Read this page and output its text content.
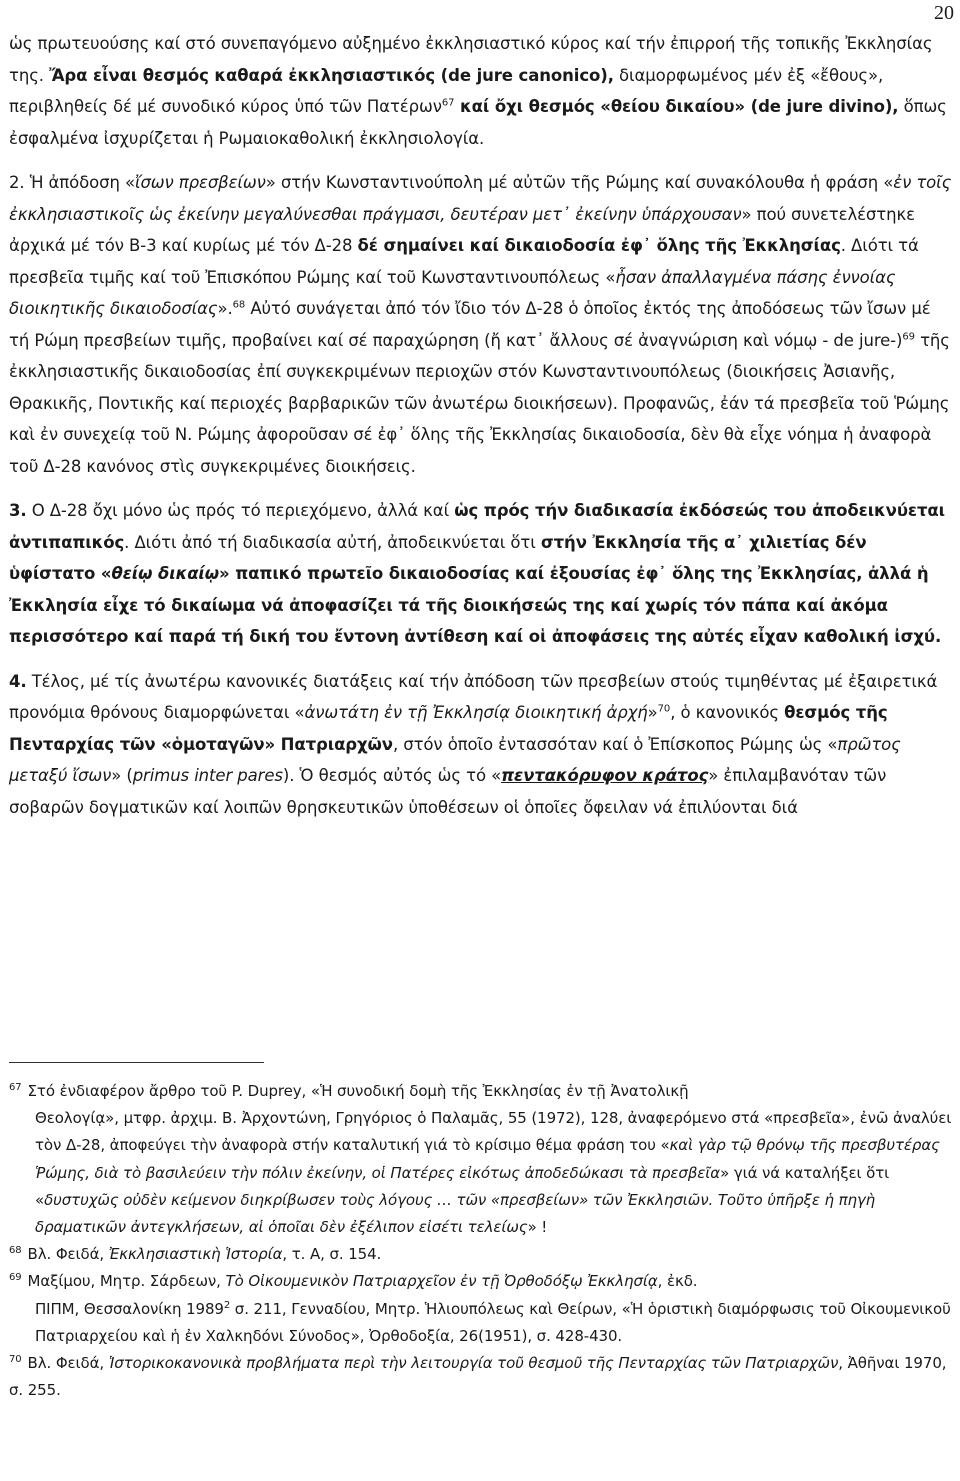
20

ὡς πρωτευούσης καί στό συνεπαγόμενο αὐξημένο ἐκκλησιαστικό κύρος καί τήν ἐπιρροή τῆς τοπικῆς Ἐκκλησίας της. Ἄρα εἶναι θεσμός καθαρά ἐκκλησιαστικός (de jure canonico), διαμορφωμένος μέν ἐξ «ἔθους», περιβληθείς δέ μέ συνοδικό κύρος ὑπό τῶν Πατέρων$^{67}$ καί ὄχι θεσμός «θείου δικαίου» (de jure divino), ὅπως ἐσφαλμένα ἰσχυρίζεται ἡ Ρωμαιοκαθολική ἐκκλησιολογία.

2. Ἡ ἀπόδοση «ἴσων πρεσβείων» στήν Κωνσταντινούπολη μέ αὐτῶν τῆς Ρώμης καί συνακόλουθα ἡ φράση «ἐν τοῖς ἐκκλησιαστικοῖς ὡς ἐκείνην μεγαλύνεσθαι πράγμασι, δευτέραν μετ᾽ ἐκείνην ὑπάρχουσαν» πού συνετελέστηκε ἀρχικά μέ τόν Β-3 καί κυρίως μέ τόν Δ-28 δέ σημαίνει καί δικαιοδοσία ἐφ᾽ ὅλης τῆς Ἐκκλησίας. Διότι τά πρεσβεῖα τιμῆς καί τοῦ Ἐπισκόπου Ρώμης καί τοῦ Κωνσταντινουπόλεως «ἦσαν ἀπαλλαγμένα πάσης ἐννοίας διοικητικῆς δικαιοδοσίας».$^{68}$ Αὐτό συνάγεται ἀπό τόν ἴδιο τόν Δ-28 ὁ ὁποῖος ἐκτός της ἀποδόσεως τῶν ἴσων μέ τή Ρώμη πρεσβείων τιμῆς, προβαίνει καί σέ παραχώρηση (ἤ κατ᾽ ἄλλους σέ ἀναγνώριση καὶ νόμῳ - de jure-)$^{69}$ τῆς ἐκκλησιαστικῆς δικαιοδοσίας ἐπί συγκεκριμένων περιοχῶν στόν Κωνσταντινουπόλεως (διοικήσεις Ἀσιανῆς, Θρακικῆς, Ποντικῆς καί περιοχές βαρβαρικῶν τῶν ἀνωτέρω διοικήσεων). Προφανῶς, ἐάν τά πρεσβεῖα τοῦ Ῥώμης καὶ ἐν συνεχείᾳ τοῦ Ν. Ρώμης ἀφοροῦσαν σέ ἐφ᾽ ὅλης τῆς Ἐκκλησίας δικαιοδοσία, δὲν θὰ εἶχε νόημα ἡ ἀναφορὰ τοῦ Δ-28 κανόνος στὶς συγκεκριμένες διοικήσεις.

3. Ο Δ-28 ὄχι μόνο ὡς πρός τό περιεχόμενο, ἀλλά καί ὡς πρός τήν διαδικασία ἐκδόσεώς του ἀποδεικνύεται ἀντιπαπικός. Διότι ἀπό τή διαδικασία αὐτή, ἀποδεικνύεται ὅτι στήν Ἐκκλησία τῆς α᾽ χιλιετίας δέν ὑφίστατο «θείῳ δικαίῳ» παπικό πρωτεῖο δικαιοδοσίας καί ἐξουσίας ἐφ᾽ ὅλης της Ἐκκλησίας, ἀλλά ἡ Ἐκκλησία εἶχε τό δικαίωμα νά ἀποφασίζει τά τῆς διοικήσεώς της καί χωρίς τόν πάπα καί ἀκόμα περισσότερο καί παρά τή δική του ἔντονη ἀντίθεση καί οἱ ἀποφάσεις της αὐτές εἶχαν καθολική ἰσχύ.

4. Τέλος, μέ τίς ἀνωτέρω κανονικές διατάξεις καί τήν ἀπόδοση τῶν πρεσβείων στούς τιμηθέντας μέ ἐξαιρετικά προνόμια θρόνους διαμορφώνεται «ἀνωτάτη ἐν τῇ Ἐκκλησίᾳ διοικητική ἀρχή»$^{70}$, ὁ κανονικός θεσμός τῆς Πενταρχίας τῶν «ὁμοταγῶν» Πατριαρχῶν, στόν ὁποῖο ἐντασσόταν καί ὁ Ἐπίσκοπος Ρώμης ὡς «πρῶτος μεταξύ ἴσων» (primus inter pares). Ὁ θεσμός αὐτός ὡς τό «πεντακόρυφον κράτος» ἐπιλαμβανόταν τῶν σοβαρῶν δογματικῶν καί λοιπῶν θρησκευτικῶν ὑποθέσεων οἱ ὁποῖες ὄφειλαν νά ἐπιλύονται διά

$^{67}$ Στό ἐνδιαφέρον ἄρθρο τοῦ P. Duprey, «Ἡ συνοδική δομὴ τῆς Ἐκκλησίας ἐν τῇ Ἀνατολικῇ

Θεολογίᾳ», μτφρ. ἀρχιμ. Β. Ἀρχοντώνη, Γρηγόριος ὁ Παλαμᾶς, 55 (1972), 128, ἀναφερόμενο στά «πρεσβεῖα», ἐνῶ ἀναλύει τὸν Δ-28, ἀποφεύγει τὴν ἀναφορὰ στήν καταλυτική γιά τὸ κρίσιμο θέμα φράση του «καὶ γὰρ τῷ θρόνῳ τῆς πρεσβυτέρας Ῥώμης, διὰ τὸ βασιλεύειν τὴν πόλιν ἐκείνην, οἱ Πατέρες εἰκότως ἀποδεδώκασι τὰ πρεσβεῖα» γιά νά καταλήξει ὅτι «δυστυχῶς οὐδὲν κείμενον διηκρίβωσεν τοὺς λόγους … τῶν «πρεσβείων» τῶν Ἐκκλησιῶν. Τοῦτο ὑπῆρξε ἡ πηγὴ δραματικῶν ἀντεγκλήσεων, αἱ ὁποῖαι δὲν ἐξέλιπον εἰσέτι τελείως» !

$^{68}$ Βλ. Φειδά, Ἐκκλησιαστικὴ Ἱστορία, τ. Α, σ. 154.

$^{69}$ Μαξίμου, Μητρ. Σάρδεων, Τὸ Οἰκουμενικὸν Πατριαρχεῖον ἐν τῇ Ὀρθοδόξῳ Ἐκκλησίᾳ, ἐκδ.

ΠΙΠΜ, Θεσσαλονίκη 1989$^2$ σ. 211, Γενναδίου, Μητρ. Ἡλιουπόλεως καὶ Θείρων, «Ἡ ὁριστικὴ διαμόρφωσις τοῦ Οἰκουμενικοῦ Πατριαρχείου καὶ ἡ ἐν Χαλκηδόνι Σύνοδος», Ὀρθοδοξία, 26(1951), σ. 428-430.

$^{70}$ Βλ. Φειδά, Ἱστορικοκανονικὰ προβλήματα περὶ τὴν λειτουργία τοῦ θεσμοῦ τῆς Πενταρχίας τῶν Πατριαρχῶν, Ἀθῆναι 1970, σ. 255.
